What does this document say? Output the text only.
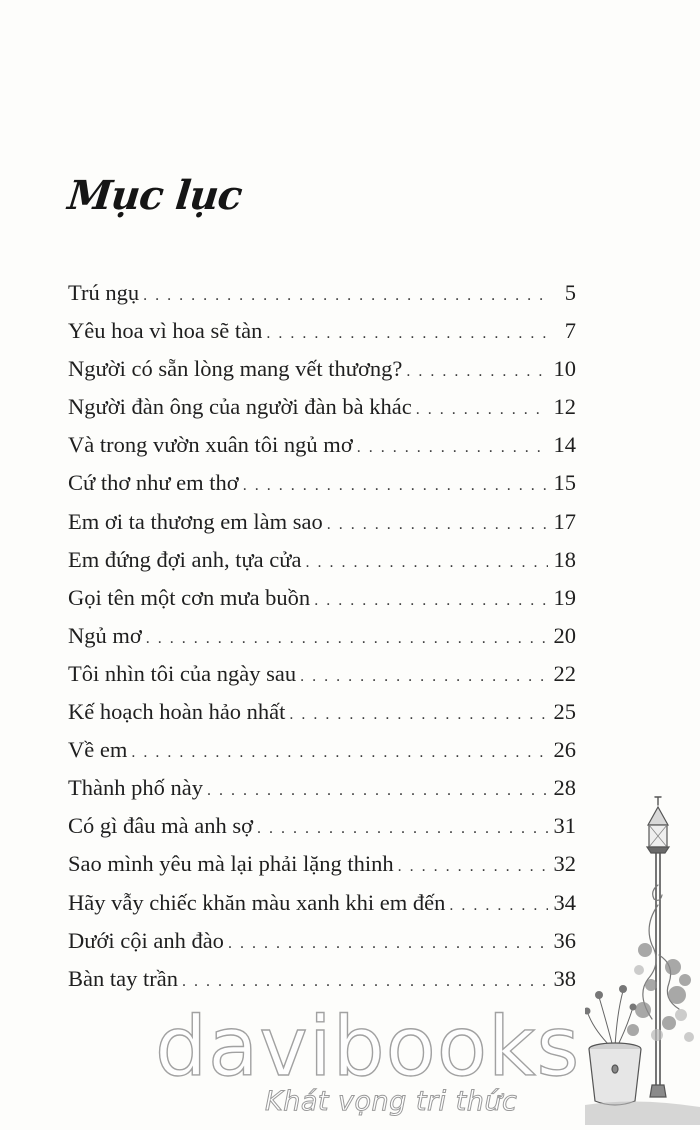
Mục lục
Trú ngụ . . .	5
Yêu hoa vì hoa sẽ tàn . . .	7
Người có sẵn lòng mang vết thương? . . .	10
Người đàn ông của người đàn bà khác . . .	12
Và trong vườn xuân tôi ngủ mơ . . .	14
Cứ thơ như em thơ . . .	15
Em ơi ta thương em làm sao . . .	17
Em đứng đợi anh, tựa cửa . . .	18
Gọi tên một cơn mưa buồn . . .	19
Ngủ mơ . . .	20
Tôi nhìn tôi của ngày sau . . .	22
Kế hoạch hoàn hảo nhất . . .	25
Về em . . .	26
Thành phố này . . .	28
Có gì đâu mà anh sợ . . .	31
Sao mình yêu mà lại phải lặng thinh . . .	32
Hãy vẫy chiếc khăn màu xanh khi em đến . . .	34
Dưới cội anh đào . . .	36
Bàn tay trần . . .	38
davibooks
Khát vọng tri thức
